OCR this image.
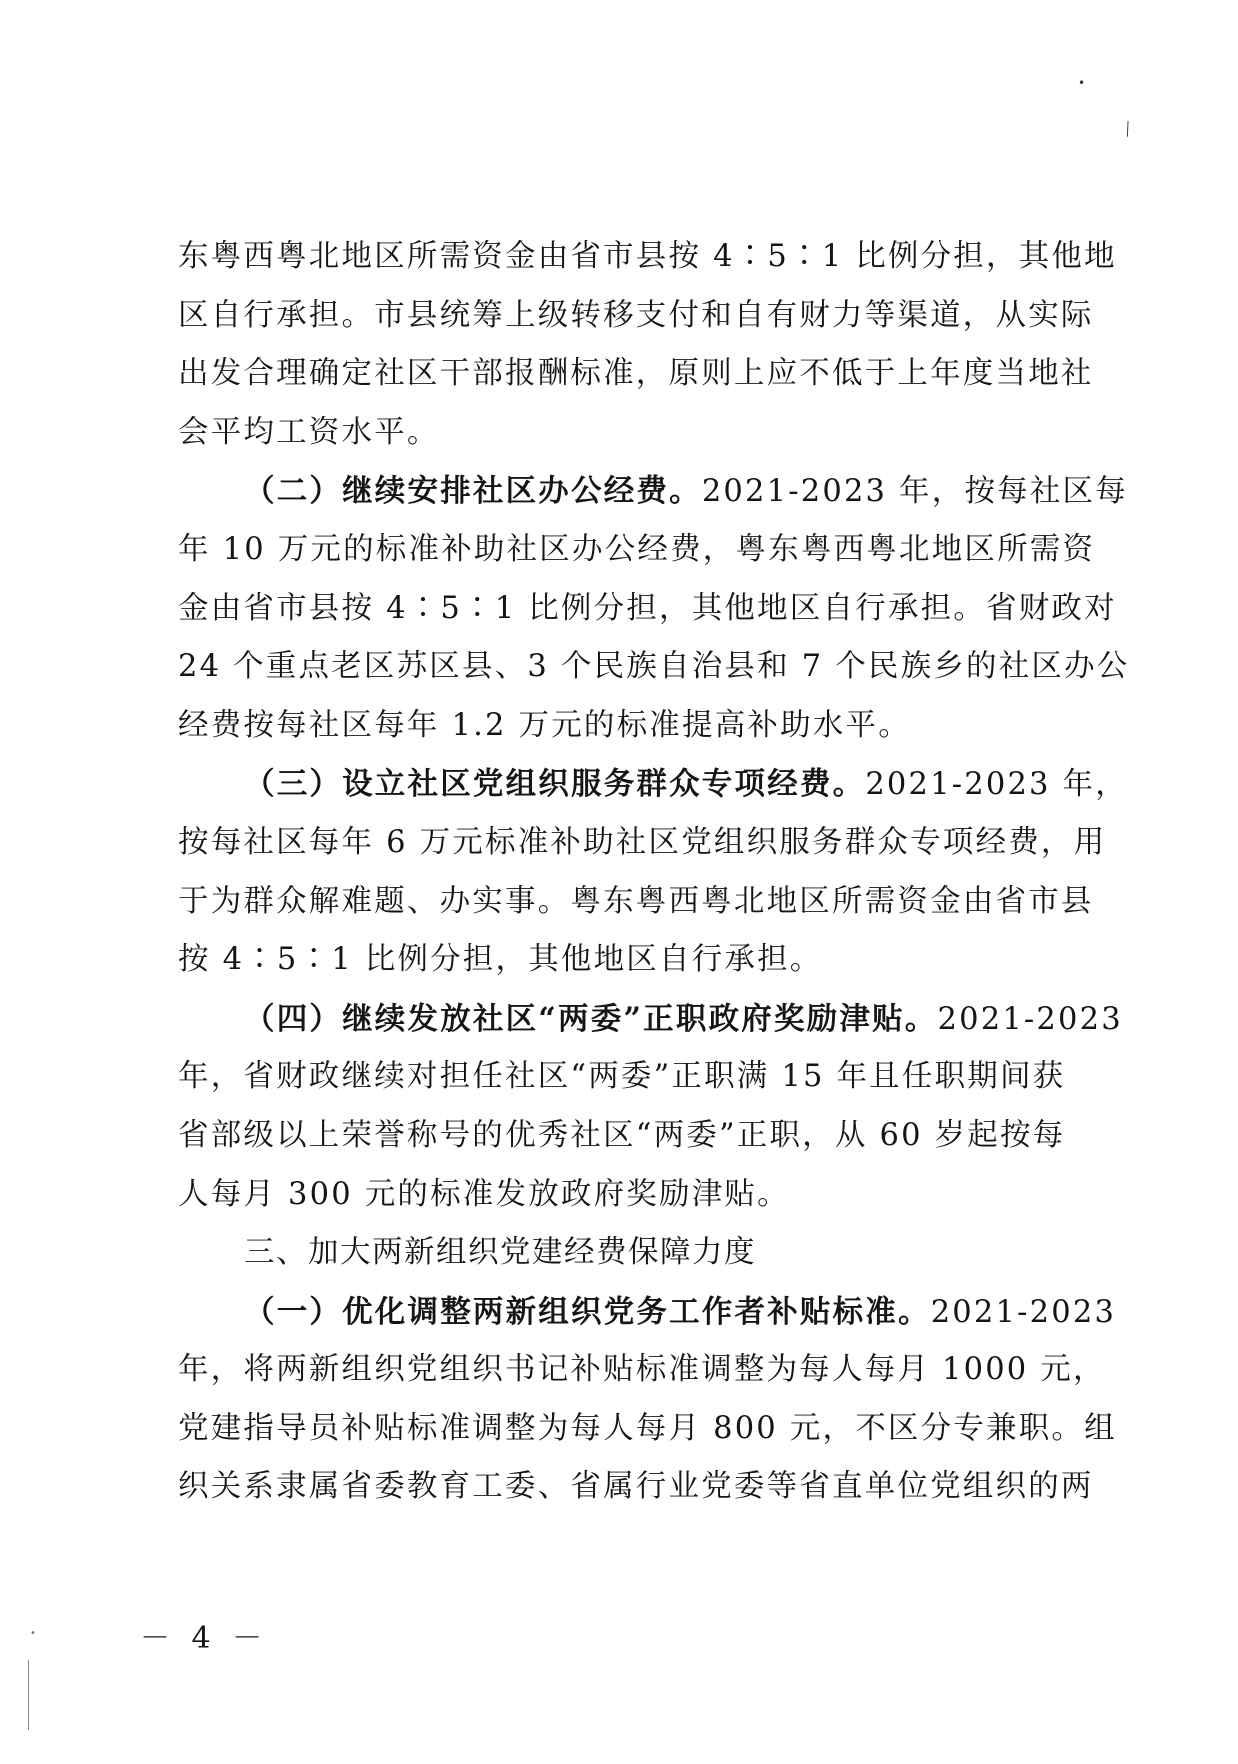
•
╲
•
东粤西粤北地区所需资金由省市县按 4∶5∶1 比例分担，其他地
区自行承担。市县统筹上级转移支付和自有财力等渠道，从实际
出发合理确定社区干部报酬标准，原则上应不低于上年度当地社
会平均工资水平。
（二）继续安排社区办公经费。2021-2023 年，按每社区每
年 10 万元的标准补助社区办公经费，粤东粤西粤北地区所需资
金由省市县按 4∶5∶1 比例分担，其他地区自行承担。省财政对
24 个重点老区苏区县、3 个民族自治县和 7 个民族乡的社区办公
经费按每社区每年 1.2 万元的标准提高补助水平。
（三）设立社区党组织服务群众专项经费。2021-2023 年，
按每社区每年 6 万元标准补助社区党组织服务群众专项经费，用
于为群众解难题、办实事。粤东粤西粤北地区所需资金由省市县
按 4∶5∶1 比例分担，其他地区自行承担。
（四）继续发放社区“两委”正职政府奖励津贴。2021-2023
年，省财政继续对担任社区“两委”正职满 15 年且任职期间获
省部级以上荣誉称号的优秀社区“两委”正职，从 60 岁起按每
人每月 300 元的标准发放政府奖励津贴。
三、加大两新组织党建经费保障力度
（一）优化调整两新组织党务工作者补贴标准。2021-2023
年，将两新组织党组织书记补贴标准调整为每人每月 1000 元，
党建指导员补贴标准调整为每人每月 800 元，不区分专兼职。组
织关系隶属省委教育工委、省属行业党委等省直单位党组织的两
－ 4 －
